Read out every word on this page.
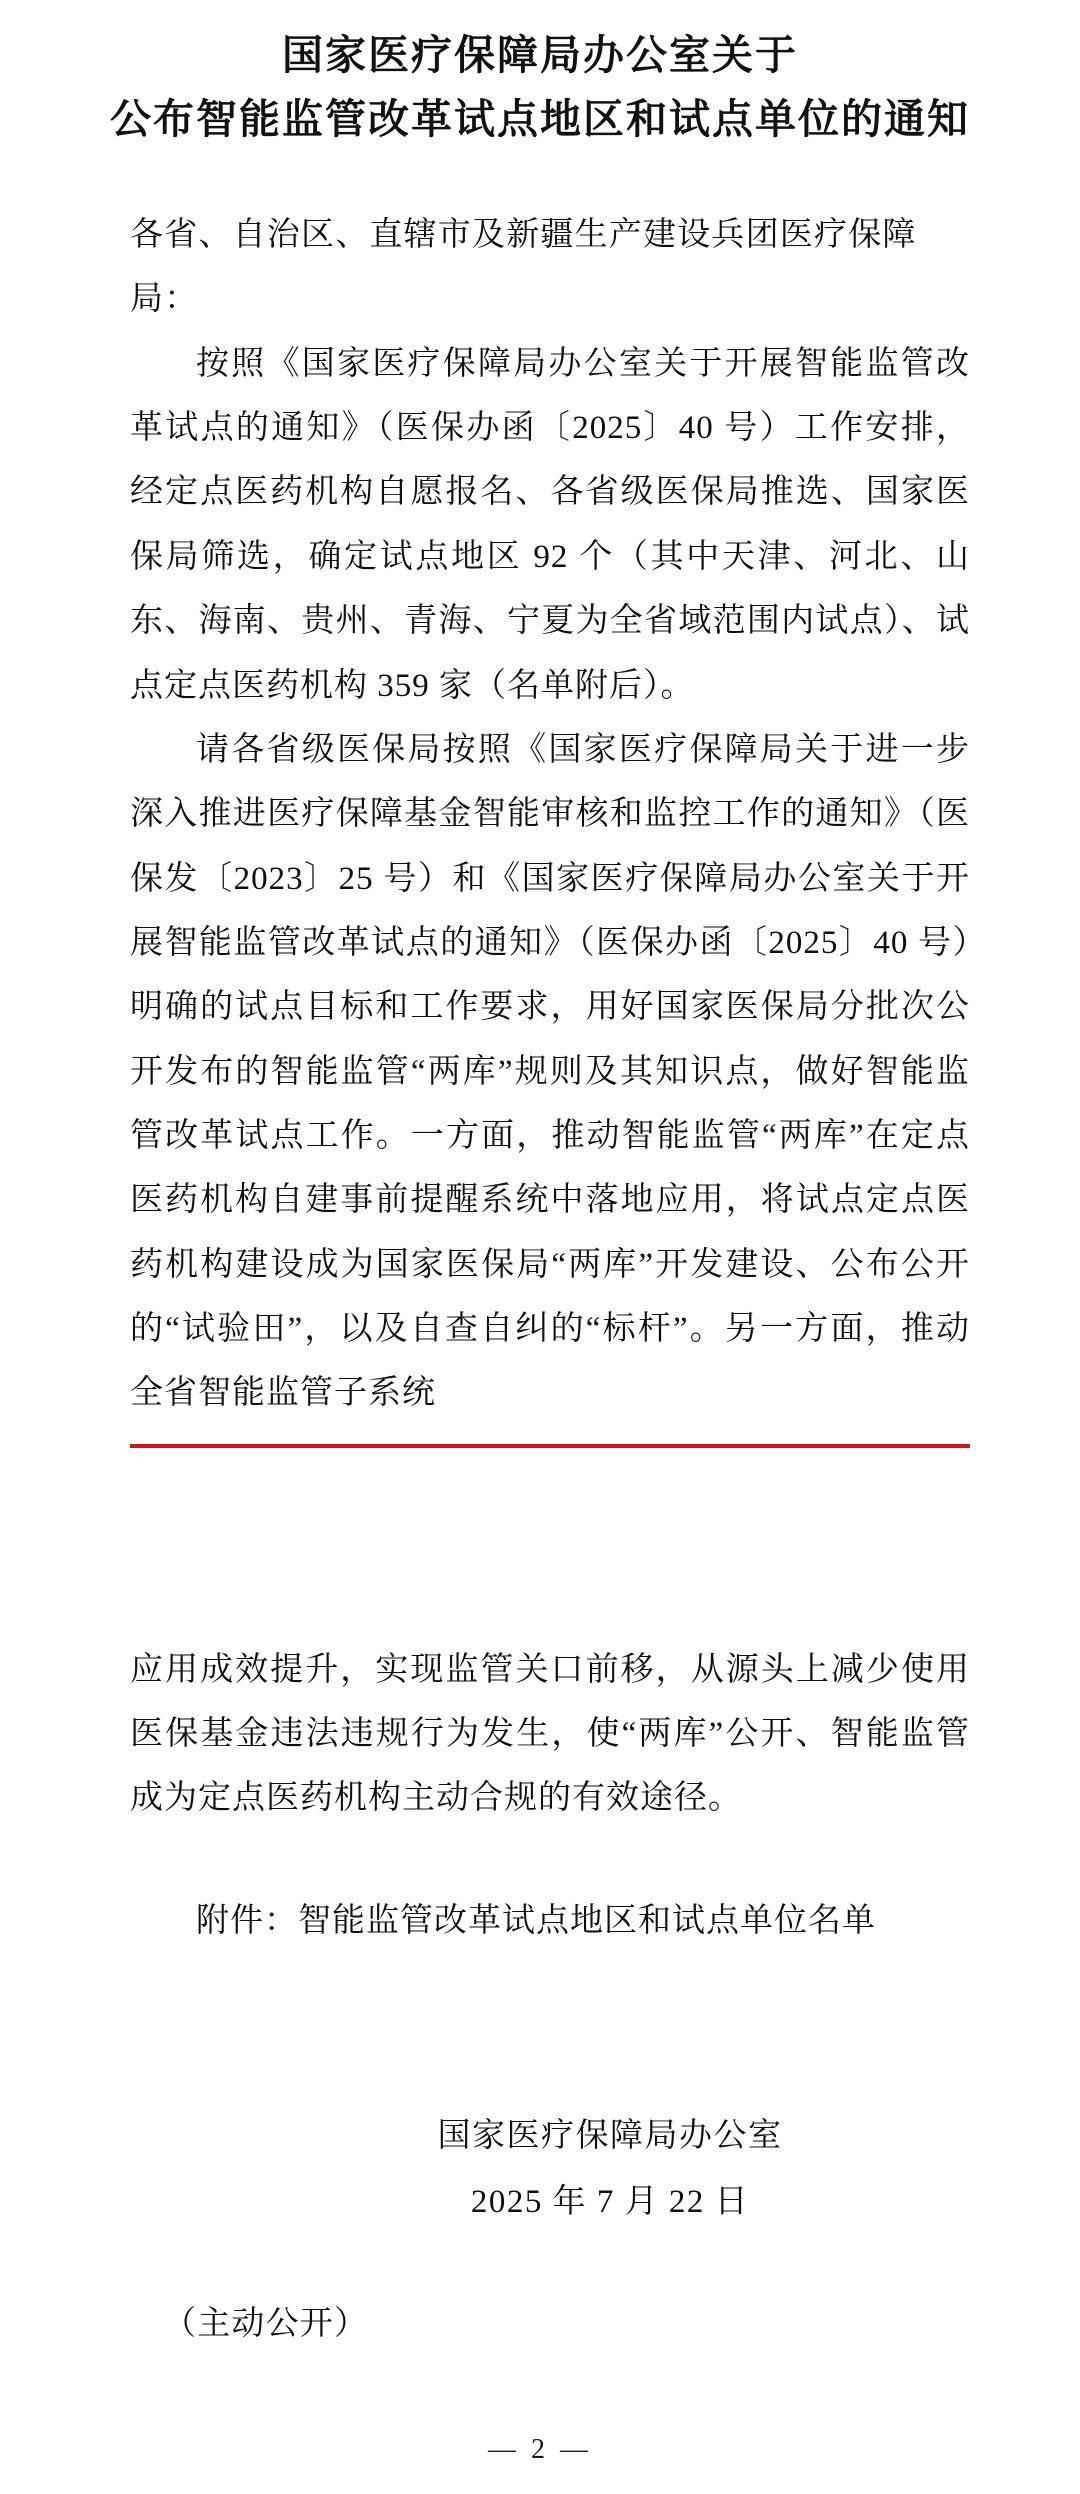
国家医疗保障局办公室关于
公布智能监管改革试点地区和试点单位的通知
各省、自治区、直辖市及新疆生产建设兵团医疗保障局：

按照《国家医疗保障局办公室关于开展智能监管改革试点的通知》（医保办函〔2025〕40 号）工作安排，经定点医药机构自愿报名、各省级医保局推选、国家医保局筛选，确定试点地区 92 个（其中天津、河北、山东、海南、贵州、青海、宁夏为全省域范围内试点）、试点定点医药机构 359 家（名单附后）。

请各省级医保局按照《国家医疗保障局关于进一步深入推进医疗保障基金智能审核和监控工作的通知》（医保发〔2023〕25 号）和《国家医疗保障局办公室关于开展智能监管改革试点的通知》（医保办函〔2025〕40 号）明确的试点目标和工作要求，用好国家医保局分批次公开发布的智能监管“两库”规则及其知识点，做好智能监管改革试点工作。一方面，推动智能监管“两库”在定点医药机构自建事前提醒系统中落地应用，将试点定点医药机构建设成为国家医保局“两库”开发建设、公布公开的“试验田”，以及自查自纠的“标杆”。另一方面，推动全省智能监管子系统

应用成效提升，实现监管关口前移，从源头上减少使用医保基金违法违规行为发生，使“两库”公开、智能监管成为定点医药机构主动合规的有效途径。

附件：智能监管改革试点地区和试点单位名单
国家医疗保障局办公室
2025 年 7 月 22 日
（主动公开）
— 2 —
